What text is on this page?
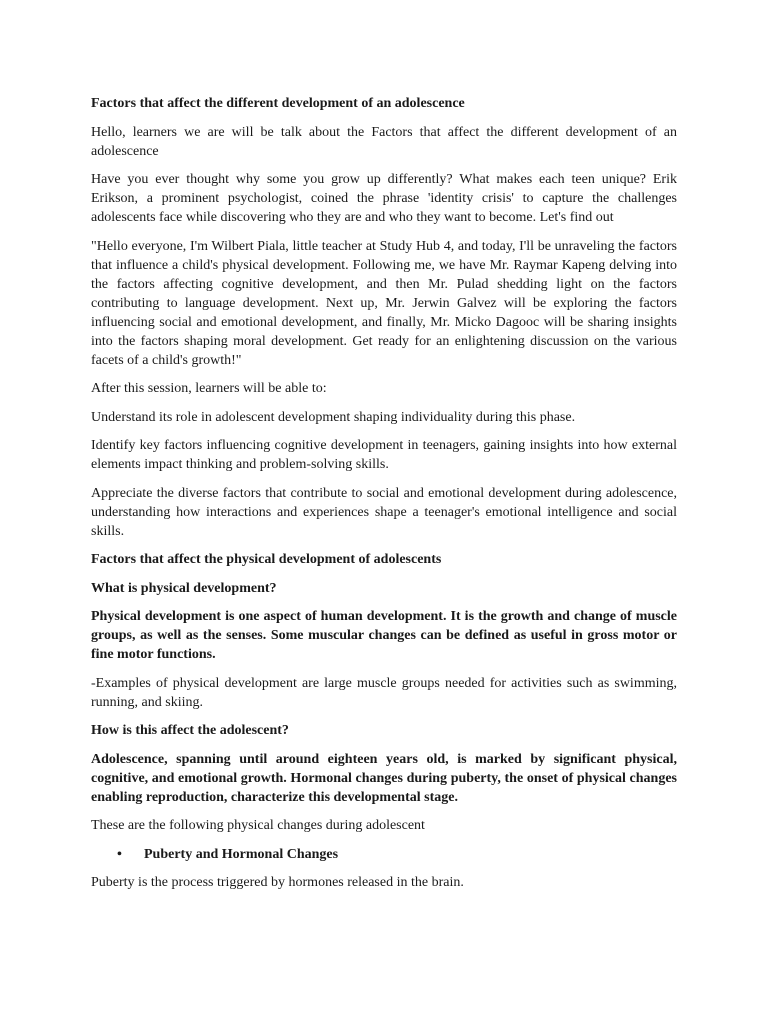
Factors that affect the different development of an adolescence

Hello, learners we are will be talk about the Factors that affect the different development of an adolescence

Have you ever thought why some you grow up differently? What makes each teen unique? Erik Erikson, a prominent psychologist, coined the phrase 'identity crisis' to capture the challenges adolescents face while discovering who they are and who they want to become. Let's find out

"Hello everyone, I'm Wilbert Piala, little teacher at Study Hub 4, and today, I'll be unraveling the factors that influence a child's physical development. Following me, we have Mr. Raymar Kapeng delving into the factors affecting cognitive development, and then Mr. Pulad shedding light on the factors contributing to language development. Next up, Mr. Jerwin Galvez will be exploring the factors influencing social and emotional development, and finally, Mr. Micko Dagooc will be sharing insights into the factors shaping moral development. Get ready for an enlightening discussion on the various facets of a child's growth!"

After this session, learners will be able to:

Understand its role in adolescent development shaping individuality during this phase.

Identify key factors influencing cognitive development in teenagers, gaining insights into how external elements impact thinking and problem-solving skills.

Appreciate the diverse factors that contribute to social and emotional development during adolescence, understanding how interactions and experiences shape a teenager's emotional intelligence and social skills.

Factors that affect the physical development of adolescents

What is physical development?

Physical development is one aspect of human development. It is the growth and change of muscle groups, as well as the senses. Some muscular changes can be defined as useful in gross motor or fine motor functions.

-Examples of physical development are large muscle groups needed for activities such as swimming, running, and skiing.

How is this affect the adolescent?

Adolescence, spanning until around eighteen years old, is marked by significant physical, cognitive, and emotional growth. Hormonal changes during puberty, the onset of physical changes enabling reproduction, characterize this developmental stage.

These are the following physical changes during adolescent

• Puberty and Hormonal Changes

Puberty is the process triggered by hormones released in the brain.
